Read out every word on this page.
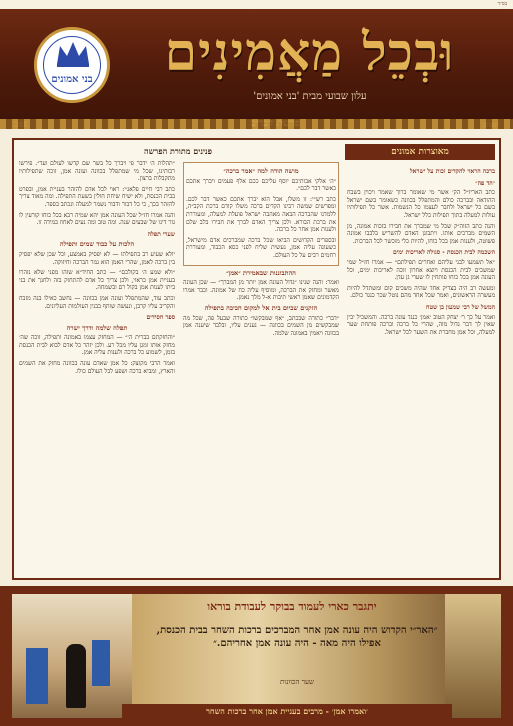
בס״ד
בני אמונים	וּבְכֵל מַאֲמִינִים
עלון שבועי מבית 'בני אמונים'
מאוצרות אמונים
פנינים מתורת הפרשה
ברכה הראוי להקדים זכות על ישראל
״הד פה״

כתב האריז״ל הק׳ אשר מי שאומר ברוך שאמר ויכוין בשבח ההודאה ובברכה כולם והמתפלל בכוונה כשאומר בשם ישראל בשם כל ישראל ולחבר לעצמו כל הנשמות. אשר כל תפילותיו עולות למעלה בתוך תפילות כלל ישראל.

והנה כתב הזוה״ק שכל מי שמברך את חבירו בזכות אמונה, מן השמים מברכים אותו. ויתבונן האדם להשריש בלבבו אמונה פשוטה, ולענות אמן בכל כוחו, להיות כלי מוכשר לכל הברכות.

השכמה לבית הכנסת - סגולה לאריכות ימים

״אל תשמעו לבני עליהם ואחרים תפילתם״ — אמרו חז״ל שמי שמשכים לבית הכנסת ויוצא אחרון זוכה לאריכות ימים, וכל העונה אמן בכל כוחו פותחין לו שערי גן עדן.

ומעשה רב היה בצדיק אחד שהיה משכים קום ומשתדל להיות מעשרה הראשונים, ואמר שכל אחד מהם נוטל שכר כנגד כולם.

המשל של רבי שמעון בן שטח

ואמר על כך ר׳ יצחק הטוב ׳אמן׳ כנגד עונה ברכה. והמשכיל יבין שאין לך דבר גדול מזה, שהרי כל ברכה וברכה פותחת שער למעלה, וכל אמן מחברת את השער לכל ישראל.

מושה הודה למה ״אמר ברכה״

״ה׳ אלקי אבותיכם יוסף עליכם ככם אלף פעמים ויברך אתכם כאשר דבר לכם״.

כתב רש״י: זו משלו, אבל הוא יברך אתכם כאשר דבר לכם. ומפרשים שמשה רבינו הקדים ברכה משלו קודם ברכת הקב״ה, ללמדנו שהברכה הבאה מאהבה ישראל פועלת למעלה, ומעוררת את ברכת הבורא. ולכן צריך האדם לברך את חבירו בלב שלם ולענות אמן אחר כל ברכה.

ובספרים הקדושים הביאו שכל ברכה שמברכים אדם מישראל, כשעונה עליה אמן, נעשית שליח לפני כסא הכבוד, ומעוררת רחמים רבים על כל העולם.

ההתבוננות שבאמירת ״אמן״

ואמר: והנה שנינו ״גדול העונה אמן יותר מן המברך״ — שכן העונה מאשר ומחזק את הברכה, ומוסיף עליה כח של אמונה. וכבר אמרו הקדמונים שאמן ראשי תיבות א-ל מלך נאמן.

הזקנים שביום בית אל למקום חביבה בתפילה

״דבר״ כתורה שבכתב, ״אף שמבקשו״ כתורה שבעל פה, שכל מה שמבקשים מן השמים בכוונה — נענים עליו, ובלבד שיענה אמן בכוונה ויאמין באמונה שלמה.

״תהלות ה׳ ידבר פי ויברך כל בשר שם קדשו לעולם ועד״. פירשו רבותינו, שכל מי שמתפלל בכוונה ועונה אמן, זוכה שתפילותיו מתקבלות ברצון.

כתב רבי חיים פלאג׳י: ראוי לכל אדם להזהר בעניית אמן, ובפרט בבית הכנסת, ולא ישיח שיחת חולין בשעת התפילה. ומה מאוד צריך להזהר בכך, כי כל דבור ודבור נשמר למעלה ונכתב בספר.

והנה אמרו חז״ל שכל העונה אמן יהא שמיה רבא בכל כוחו קורעין לו גזר דינו של שבעים שנה. ומה טוב ומה נעים לאחוז במידה זו.

שערי תפלה
הלכות על כבוד שמים ותפילה

יולא שעיע רב בתפילתו — לא יפסיק באמצע, וכל שכן שלא יפסיק בין ברכה לאמן, שהרי האמן הוא גמר הברכה וחיזוקה.

״ולא שמע ה׳ בקולכם״ — כתב החיד״א שזהו מפני שלא נזהרו בעניית אמן כראוי, ולכן צריך כל אדם להתחזק בזה ולחנך את בני ביתו לענות אמן בקול רם ובשמחה.

וכתב עוד, שהמתפלל ועונה אמן בכוונה — נחשב כאילו בנה מזבח והקריב עליו קרבן, ונעשה שותף בבנין העולמות העליונים.

ספר חסידים
תפלה שלמה ודרך ישרה

״והחזקתם בברית ה׳״ — המחזק עצמו באמונה ותפילה, זוכה שה׳ מחזק אותו ומגן עליו מכל רע. ולכן יזהר כל אדם לבוא לבית הכנסת בזמן, לשמוע כל ברכה ולענות עליה אמן.

ואמר הרבי מקוצק: כל אמן שאדם עונה בכוונה מחזק את השמים והארץ, ומביא ברכה ושפע לכל העולם כולו.

יתגבר כארי לעמוד בבוקר לעבודת בוראו
״האר״י הקדוש היה עונה אמן אחר המברכים ברכות השחר בבית הכנסת, אפילו היה מאה - היה עונה אמן אחריהם.״
שער הכוונות
׳ואמרו אמן׳ - מרבים בעניית אמן אחר ברכות השחר
